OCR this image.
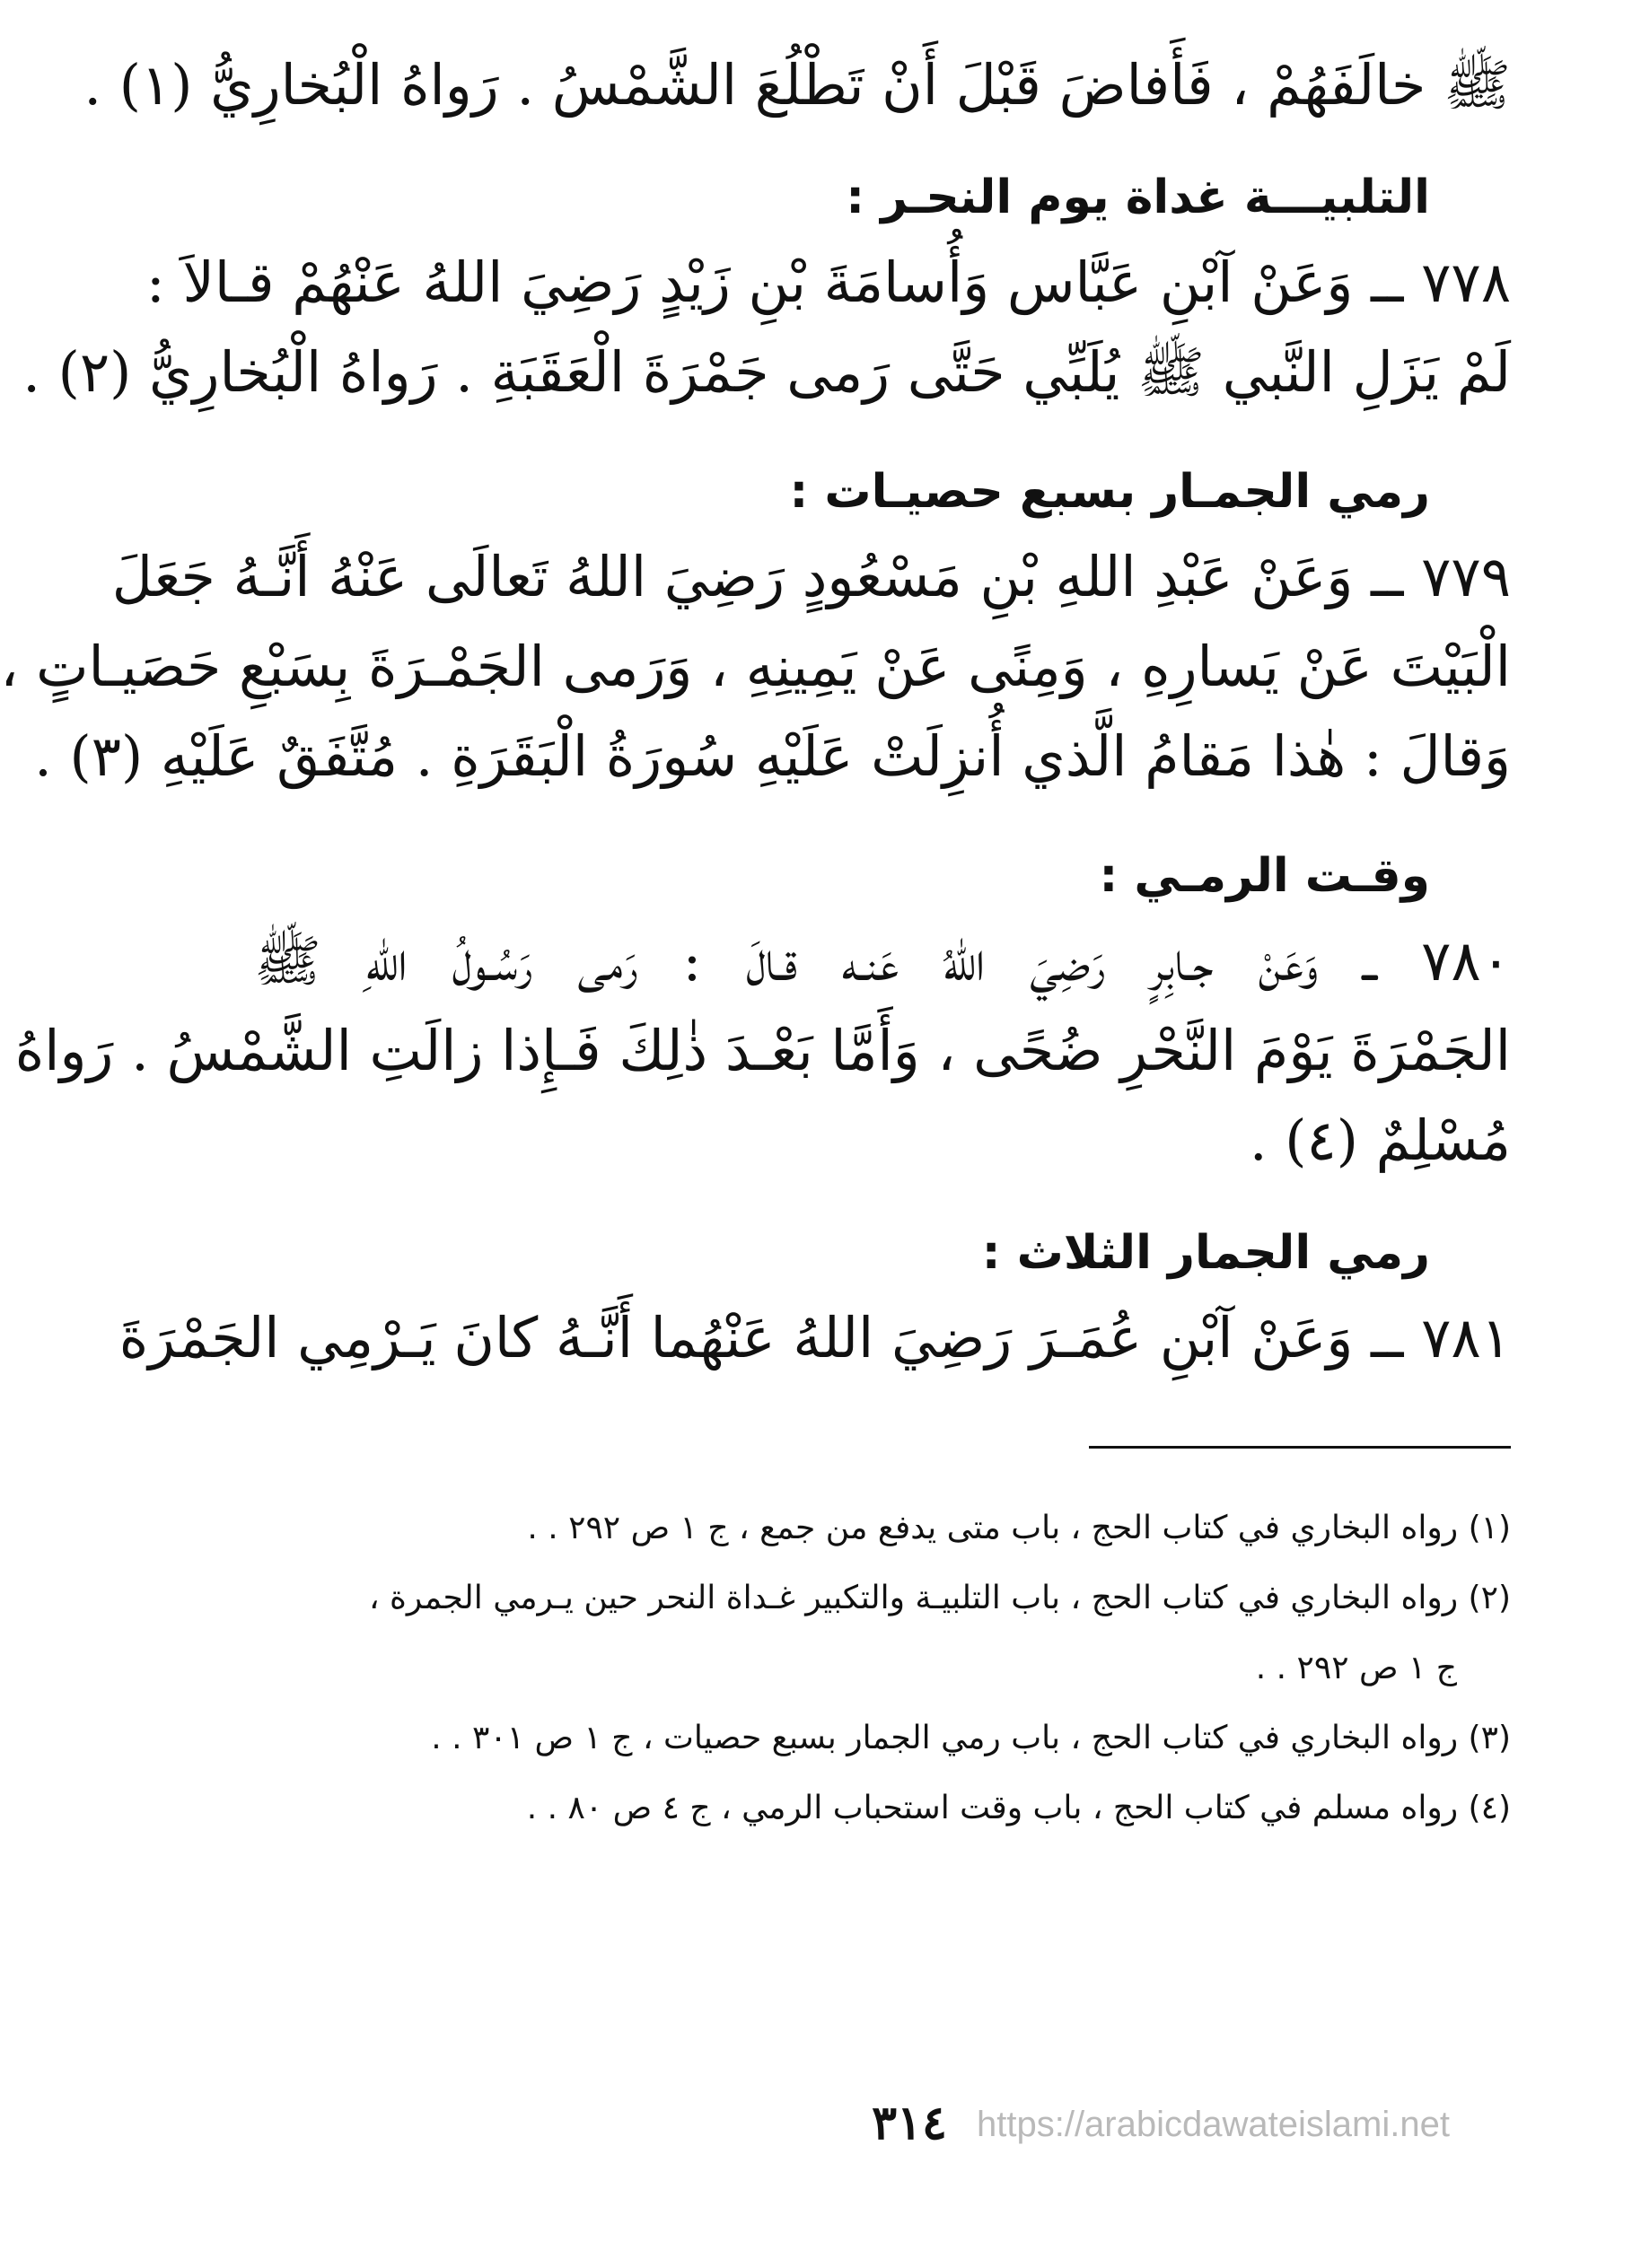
ﷺ خالَفَهُمْ ، فَأَفاضَ قَبْلَ أَنْ تَطْلُعَ الشَّمْسُ . رَواهُ الْبُخارِيُّ (١) .
التلبيـــة غداة يوم النحـر :
٧٧٨ ــ وَعَنْ آبْنِ عَبَّاس وَأُسامَةَ بْنِ زَيْدٍ رَضِيَ اللهُ عَنْهُمْ قـالاَ :
لَمْ يَزَلِ النَّبي ﷺ يُلَبِّي حَتَّى رَمى جَمْرَةَ الْعَقَبَةِ . رَواهُ الْبُخارِيُّ (٢) .
رمي الجمـار بسبع حصيـات :
٧٧٩ ــ وَعَنْ عَبْدِ اللهِ بْنِ مَسْعُودٍ رَضِيَ اللهُ تَعالَى عَنْهُ أَنَّـهُ جَعَلَ
الْبَيْتَ عَنْ يَسارِهِ ، وَمِنًى عَنْ يَمِينِهِ ، وَرَمى الجَمْـرَةَ بِسَبْعِ حَصَيـاتٍ ،
وَقالَ : هٰذا مَقامُ الَّذي أُنزِلَتْ عَلَيْهِ سُورَةُ الْبَقَرَةِ . مُتَّفَقٌ عَلَيْهِ (٣) .
وقـت الرمـي :
٧٨٠ ــ وَعَنْ جـابِرٍ رَضِيَ اللهُ عَنـه قـالَ : رَمى رَسُـولُ اللهِ ﷺ
الجَمْرَةَ يَوْمَ النَّحْرِ ضُحًى ، وَأَمَّا بَعْـدَ ذٰلِكَ فَـإِذا زالَتِ الشَّمْسُ . رَواهُ
مُسْلِمٌ (٤) .
رمي الجمار الثلاث :
٧٨١ ــ وَعَنْ آبْنِ عُمَـرَ رَضِيَ اللهُ عَنْهُما أَنَّـهُ كانَ يَـرْمِي الجَمْرَةَ
(١) رواه البخاري في كتاب الحج ، باب متى يدفع من جمع ، ج ١ ص ٢٩٢ . .
(٢) رواه البخاري في كتاب الحج ، باب التلبيـة والتكبير غـداة النحر حين يـرمي الجمرة ،
ج ١ ص ٢٩٢ . .
(٣) رواه البخاري في كتاب الحج ، باب رمي الجمار بسبع حصيات ، ج ١ ص ٣٠١ . .
(٤) رواه مسلم في كتاب الحج ، باب وقت استحباب الرمي ، ج ٤ ص ٨٠ . .
٣١٤ https://arabicdawateislami.net
